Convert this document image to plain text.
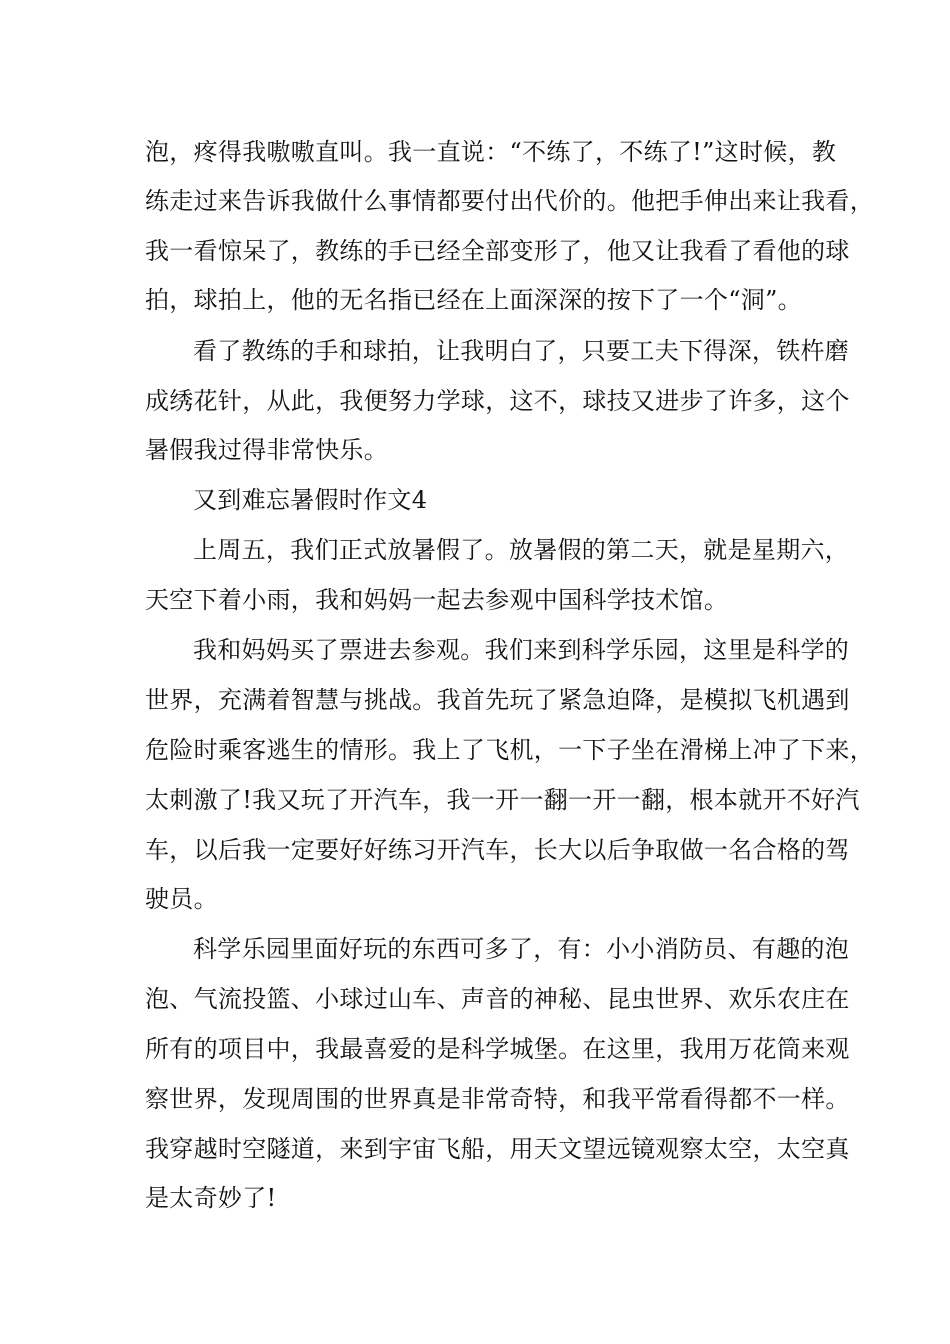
泡，疼得我嗷嗷直叫。我一直说：“不练了，不练了!”这时候，教

练走过来告诉我做什么事情都要付出代价的。他把手伸出来让我看，

我一看惊呆了，教练的手已经全部变形了，他又让我看了看他的球

拍，球拍上，他的无名指已经在上面深深的按下了一个“洞”。

看了教练的手和球拍，让我明白了，只要工夫下得深，铁杵磨

成绣花针，从此，我便努力学球，这不，球技又进步了许多，这个

暑假我过得非常快乐。

又到难忘暑假时作文4

上周五，我们正式放暑假了。放暑假的第二天，就是星期六，

天空下着小雨，我和妈妈一起去参观中国科学技术馆。

我和妈妈买了票进去参观。我们来到科学乐园，这里是科学的

世界，充满着智慧与挑战。我首先玩了紧急迫降，是模拟飞机遇到

危险时乘客逃生的情形。我上了飞机，一下子坐在滑梯上冲了下来，

太刺激了!我又玩了开汽车，我一开一翻一开一翻，根本就开不好汽

车，以后我一定要好好练习开汽车，长大以后争取做一名合格的驾

驶员。

科学乐园里面好玩的东西可多了，有：小小消防员、有趣的泡

泡、气流投篮、小球过山车、声音的神秘、昆虫世界、欢乐农庄在

所有的项目中，我最喜爱的是科学城堡。在这里，我用万花筒来观

察世界，发现周围的世界真是非常奇特，和我平常看得都不一样。

我穿越时空隧道，来到宇宙飞船，用天文望远镜观察太空，太空真

是太奇妙了!
